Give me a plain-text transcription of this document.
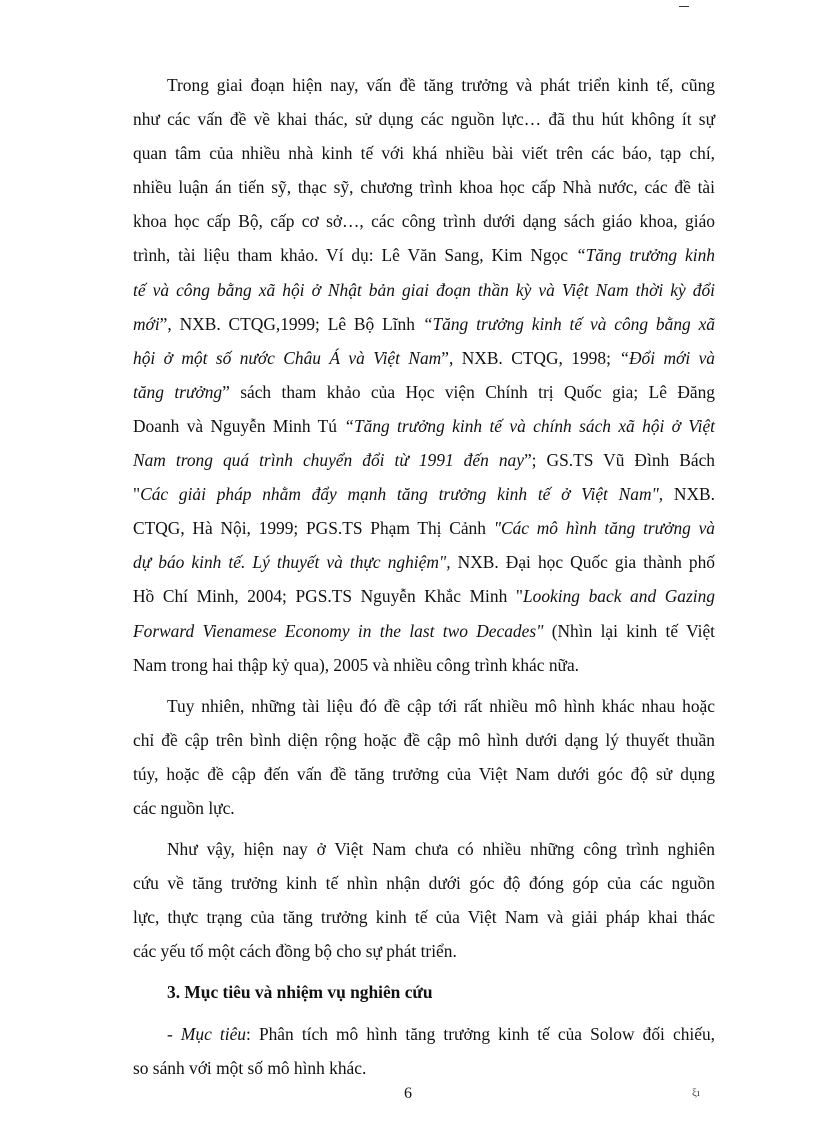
Trong giai đoạn hiện nay, vấn đề tăng trưởng và phát triển kinh tế, cũng
như các vấn đề về khai thác, sử dụng các nguồn lực… đã thu hút không ít sự
quan tâm của nhiều nhà kinh tế với khá nhiều bài viết trên các báo, tạp chí,
nhiều luận án tiến sỹ, thạc sỹ, chương trình khoa học cấp Nhà nước, các đề tài
khoa học cấp Bộ, cấp cơ sở…, các công trình dưới dạng sách giáo khoa, giáo
trình, tài liệu tham khảo. Ví dụ: Lê Văn Sang, Kim Ngọc “Tăng trưởng kinh
tế và công bằng xã hội ở Nhật bản giai đoạn thần kỳ và Việt Nam thời kỳ đổi
mới”, NXB. CTQG,1999; Lê Bộ Lĩnh “Tăng trưởng kinh tế và công bằng xã
hội ở một số nước Châu Á và Việt Nam”, NXB. CTQG, 1998; “Đổi mới và
tăng trưởng” sách tham khảo của Học viện Chính trị Quốc gia; Lê Đăng
Doanh và Nguyễn Minh Tú “Tăng trưởng kinh tế và chính sách xã hội ở Việt
Nam trong quá trình chuyển đổi từ 1991 đến nay”; GS.TS Vũ Đình Bách
"Các giải pháp nhằm đẩy mạnh tăng trưởng kinh tế ở Việt Nam", NXB.
CTQG, Hà Nội, 1999; PGS.TS Phạm Thị Cảnh "Các mô hình tăng trưởng và
dự báo kinh tế. Lý thuyết và thực nghiệm", NXB. Đại học Quốc gia thành phố
Hồ Chí Minh, 2004; PGS.TS Nguyễn Khắc Minh "Looking back and Gazing
Forward Vienamese Economy in the last two Decades" (Nhìn lại kinh tế Việt
Nam trong hai thập kỷ qua), 2005 và nhiều công trình khác nữa.
Tuy nhiên, những tài liệu đó đề cập tới rất nhiều mô hình khác nhau hoặc
chỉ đề cập trên bình diện rộng hoặc đề cập mô hình dưới dạng lý thuyết thuần
túy, hoặc đề cập đến vấn đề tăng trưởng của Việt Nam dưới góc độ sử dụng
các nguồn lực.
Như vậy, hiện nay ở Việt Nam chưa có nhiều những công trình nghiên
cứu về tăng trưởng kinh tế nhìn nhận dưới góc độ đóng góp của các nguồn
lực, thực trạng của tăng trưởng kinh tế của Việt Nam và giải pháp khai thác
các yếu tố một cách đồng bộ cho sự phát triển.
3. Mục tiêu và nhiệm vụ nghiên cứu
- Mục tiêu: Phân tích mô hình tăng trưởng kinh tế của Solow đối chiếu,
so sánh với một số mô hình khác.
6	ξ⁠ı
